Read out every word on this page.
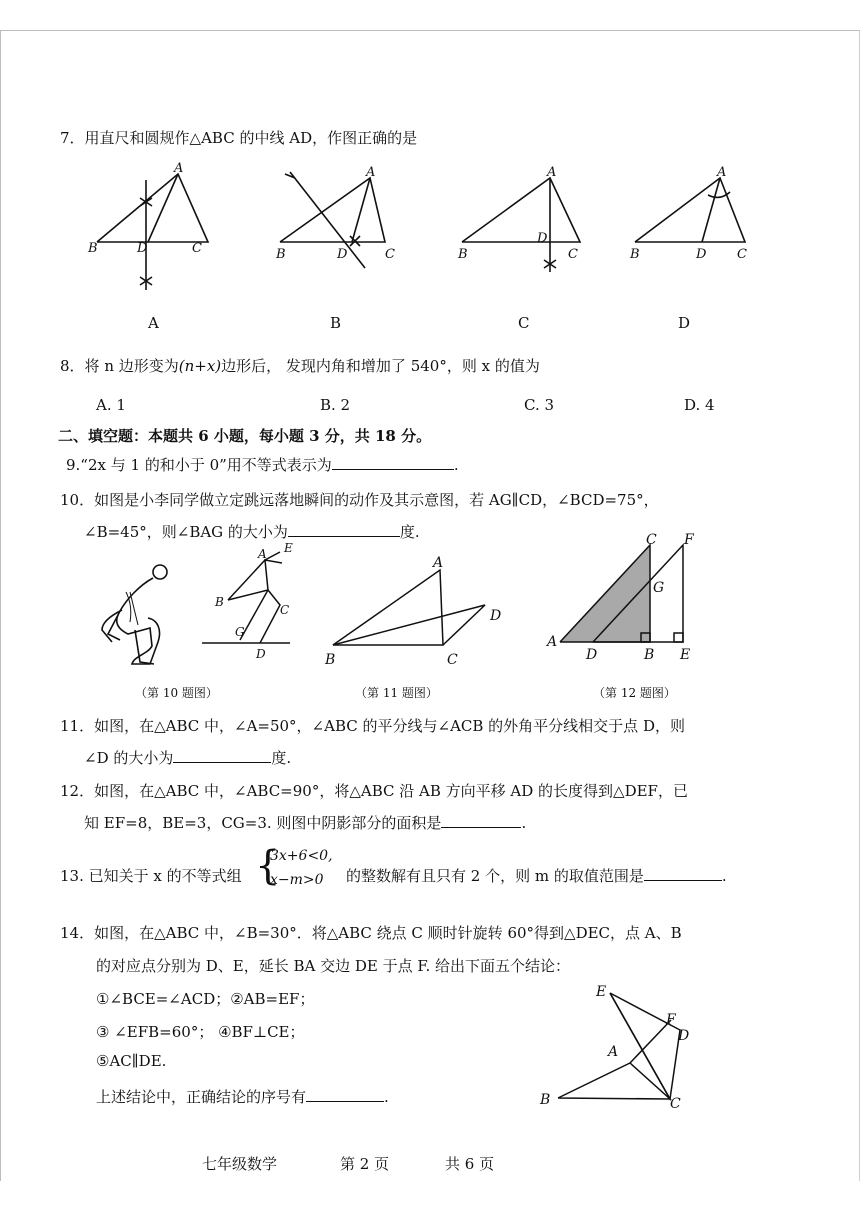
7．用直尺和圆规作△ABC 的中线 AD，作图正确的是
A
B	D	C
A
B	D	C
A
B
D
C
A
B	D C
A	B	C	D
8．将 n 边形变为(n+x)边形后， 发现内角和增加了 540°，则 x 的值为
A. 1	B. 2	C. 3	D. 4
二、填空题：本题共 6 小题，每小题 3 分，共 18 分。
9.“2x 与 1 的和小于 0”用不等式表示为	.
10．如图是小李同学做立定跳远落地瞬间的动作及其示意图，若 AG∥CD，∠BCD=75°，
∠B=45°，则∠BAG 的大小为	度.
A E
B
C
G
D
A
B	C
D
C F
G
A
D	B E
（第 10 题图）	（第 11 题图）	（第 12 题图）
11．如图，在△ABC 中，∠A=50°，∠ABC 的平分线与∠ACB 的外角平分线相交于点 D，则
∠D 的大小为	度.
12．如图，在△ABC 中，∠ABC=90°，将△ABC 沿 AB 方向平移 AD 的长度得到△DEF，已
知 EF=8，BE=3，CG=3. 则图中阴影部分的面积是	.
13. 已知关于 x 的不等式组 {
3x+6<0,
x−m>0 的整数解有且只有 2 个，则 m 的取值范围是	.
14．如图，在△ABC 中，∠B=30°．将△ABC 绕点 C 顺时针旋转 60°得到△DEC，点 A、B
的对应点分别为 D、E，延长 BA 交边 DE 于点 F. 给出下面五个结论：
①∠BCE=∠ACD；②AB=EF；
③ ∠EFB=60°； ④BF⊥CE；
⑤AC∥DE.
上述结论中，正确结论的序号有	.
E
F
D
A
B	C
七年级数学	第 2 页	共 6 页
